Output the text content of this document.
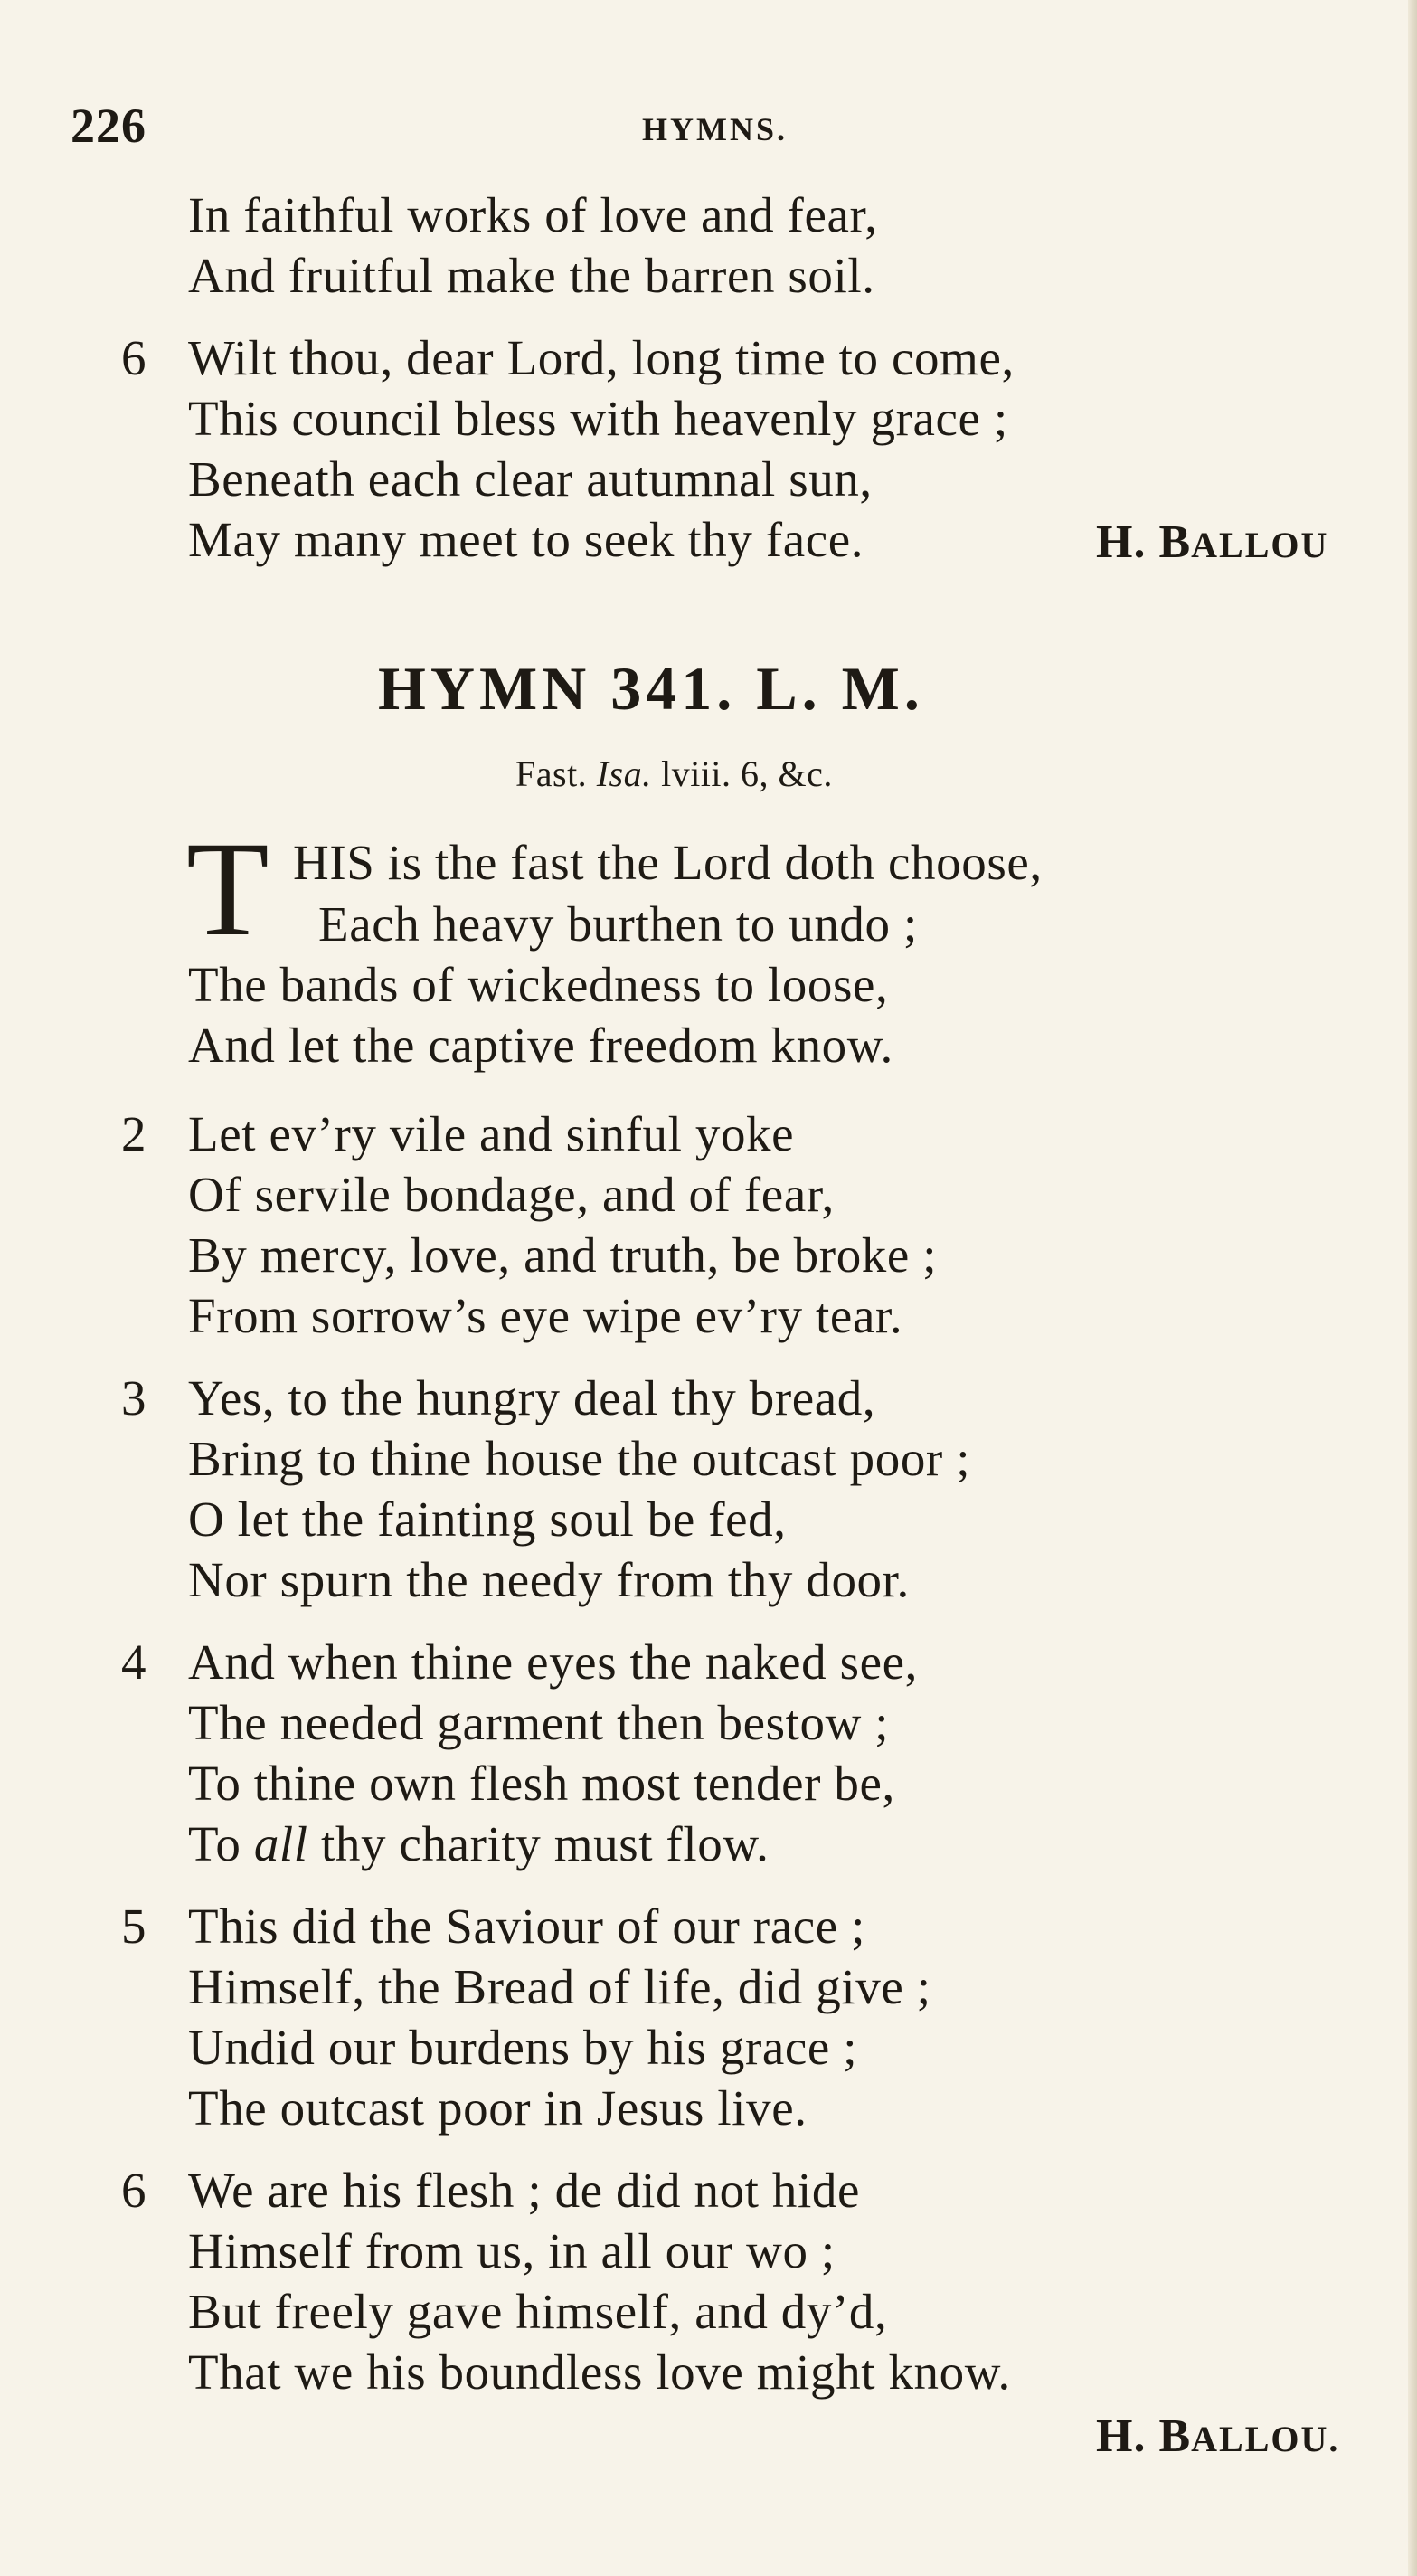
226	HYMNS.
In faithful works of love and fear,
And fruitful make the barren soil.
6 Wilt thou, dear Lord, long time to come,
This council bless with heavenly grace ;
Beneath each clear autumnal sun,
May many meet to seek thy face.	H. BALLOU
HYMN 341. L. M.
Fast. Isa. lviii. 6, &c.
T HIS is the fast the Lord doth choose,
Each heavy burthen to undo ;
The bands of wickedness to loose,
And let the captive freedom know.
2 Let ev’ry vile and sinful yoke
Of servile bondage, and of fear,
By mercy, love, and truth, be broke ;
From sorrow’s eye wipe ev’ry tear.
3 Yes, to the hungry deal thy bread,
Bring to thine house the outcast poor ;
O let the fainting soul be fed,
Nor spurn the needy from thy door.
4 And when thine eyes the naked see,
The needed garment then bestow ;
To thine own flesh most tender be,
To all thy charity must flow.
5 This did the Saviour of our race ;
Himself, the Bread of life, did give ;
Undid our burdens by his grace ;
The outcast poor in Jesus live.
6 We are his flesh ; de did not hide
Himself from us, in all our wo ;
But freely gave himself, and dy’d,
That we his boundless love might know.
H. BALLOU.
